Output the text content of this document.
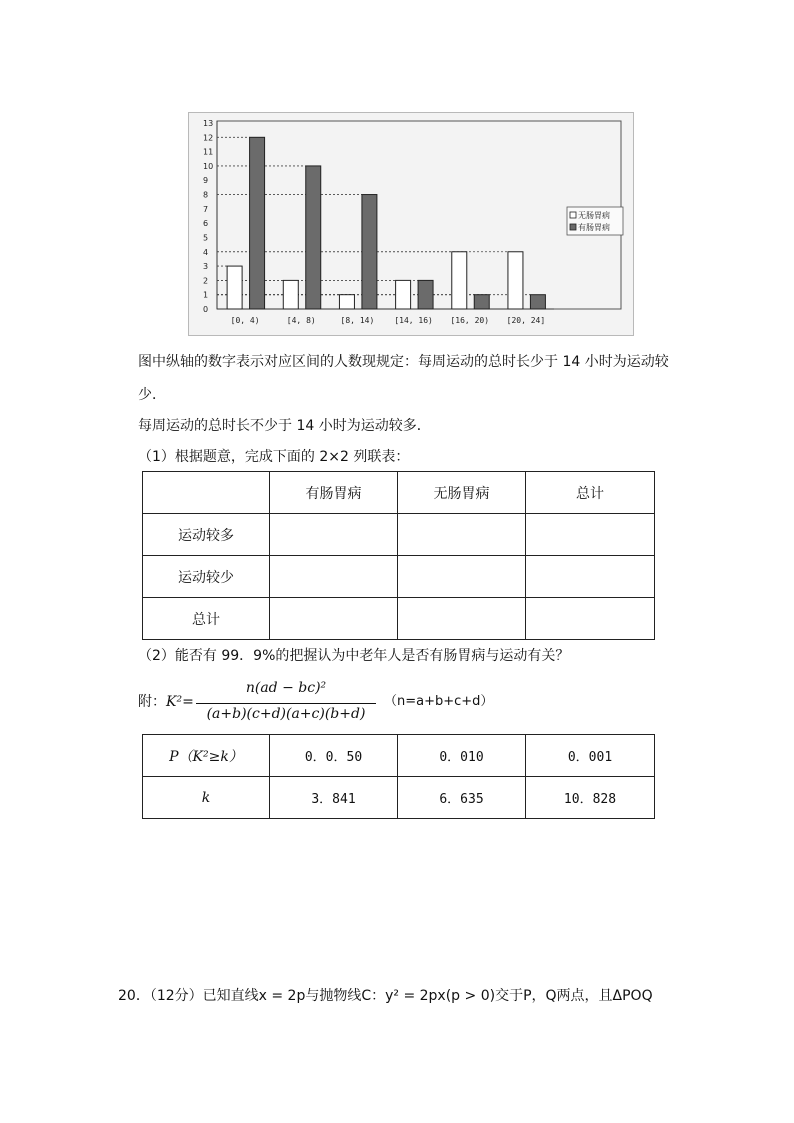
0
1
2
3
4
5
6
7
8
9
10
11
12
13
[0, 4)	[4, 8)	[8, 14)	[14, 16) [16, 20) [20, 24]
无肠胃病
有肠胃病
图中纵轴的数字表示对应区间的人数现规定：每周运动的总时长少于 14 小时为运动较
少．
每周运动的总时长不少于 14 小时为运动较多．
（1）根据题意，完成下面的 2×2 列联表：
	有肠胃病	无肠胃病	总计
运动较多			
运动较少			
总计			
（2）能否有 99．9%的把握认为中老年人是否有肠胃病与运动有关？
附： K²=
n(ad − bc)²
(a+b)(c+d)(a+c)(b+d)
（n=a+b+c+d）
P（K²≥k）	0．0．50	0．010	0．001
k	3．841	6．635	10．828
20．（12分）已知直线x = 2p与抛物线C：y² = 2px(p > 0)交于P，Q两点，且ΔPOQ
